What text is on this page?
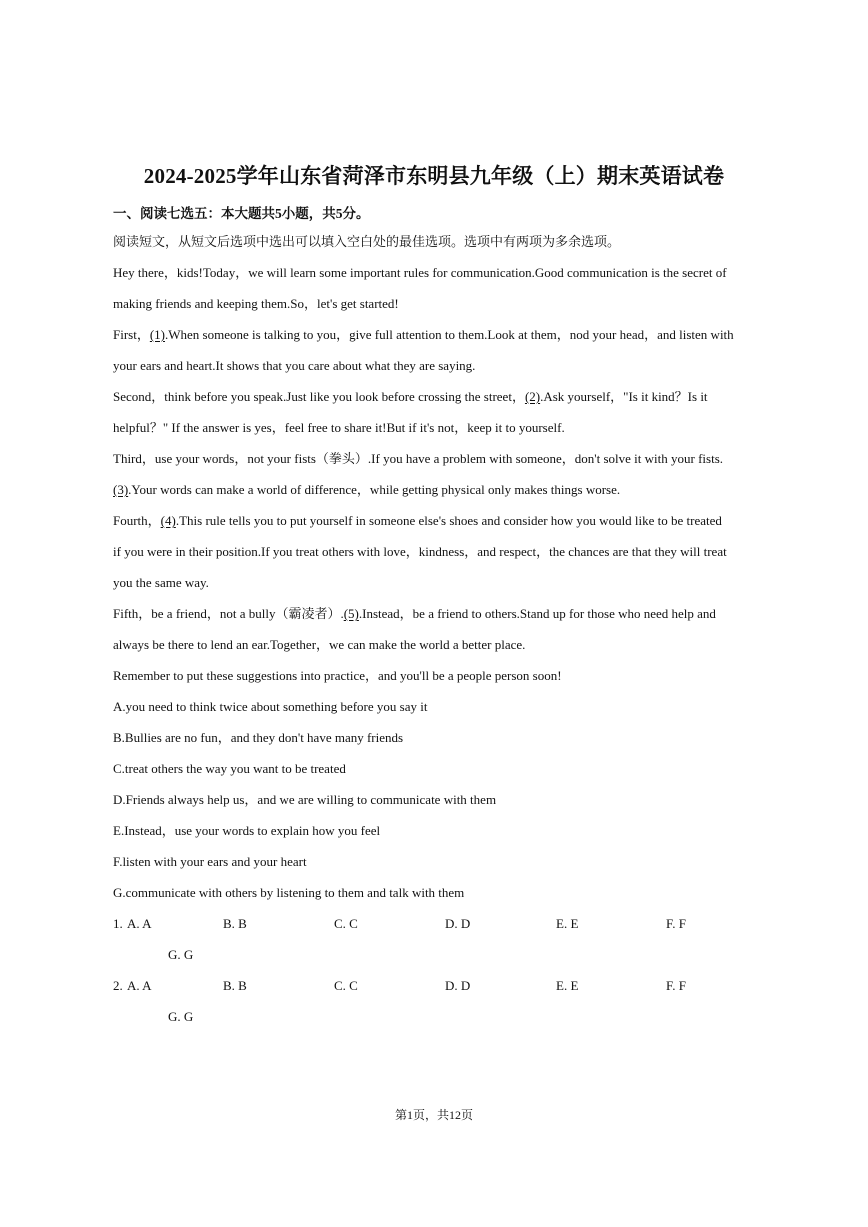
2024-2025学年山东省菏泽市东明县九年级（上）期末英语试卷
一、阅读七选五：本大题共5小题，共5分。
阅读短文，从短文后选项中选出可以填入空白处的最佳选项。选项中有两项为多余选项。
Hey there，kids!Today，we will learn some important rules for communication.Good communication is the secret of
making friends and keeping them.So，let's get started!
First，(1).When someone is talking to you，give full attention to them.Look at them，nod your head，and listen with
your ears and heart.It shows that you care about what they are saying.
Second，think before you speak.Just like you look before crossing the street，(2).Ask yourself，"Is it kind？Is it
helpful？" If the answer is yes，feel free to share it!But if it's not，keep it to yourself.
Third，use your words，not your fists（拳头）.If you have a problem with someone，don't solve it with your fists.
(3).Your words can make a world of difference，while getting physical only makes things worse.
Fourth，(4).This rule tells you to put yourself in someone else's shoes and consider how you would like to be treated
if you were in their position.If you treat others with love，kindness，and respect，the chances are that they will treat
you the same way.
Fifth，be a friend，not a bully（霸凌者）.(5).Instead，be a friend to others.Stand up for those who need help and
always be there to lend an ear.Together，we can make the world a better place.
Remember to put these suggestions into practice，and you'll be a people person soon!
A.you need to think twice about something before you say it
B.Bullies are no fun，and they don't have many friends
C.treat others the way you want to be treated
D.Friends always help us，and we are willing to communicate with them
E.Instead，use your words to explain how you feel
F.listen with your ears and your heart
G.communicate with others by listening to them and talk with them
1. A. A	B. B	C. C	D. D	E. E	F. F
G. G
2. A. A	B. B	C. C	D. D	E. E	F. F
G. G
第1页，共12页
